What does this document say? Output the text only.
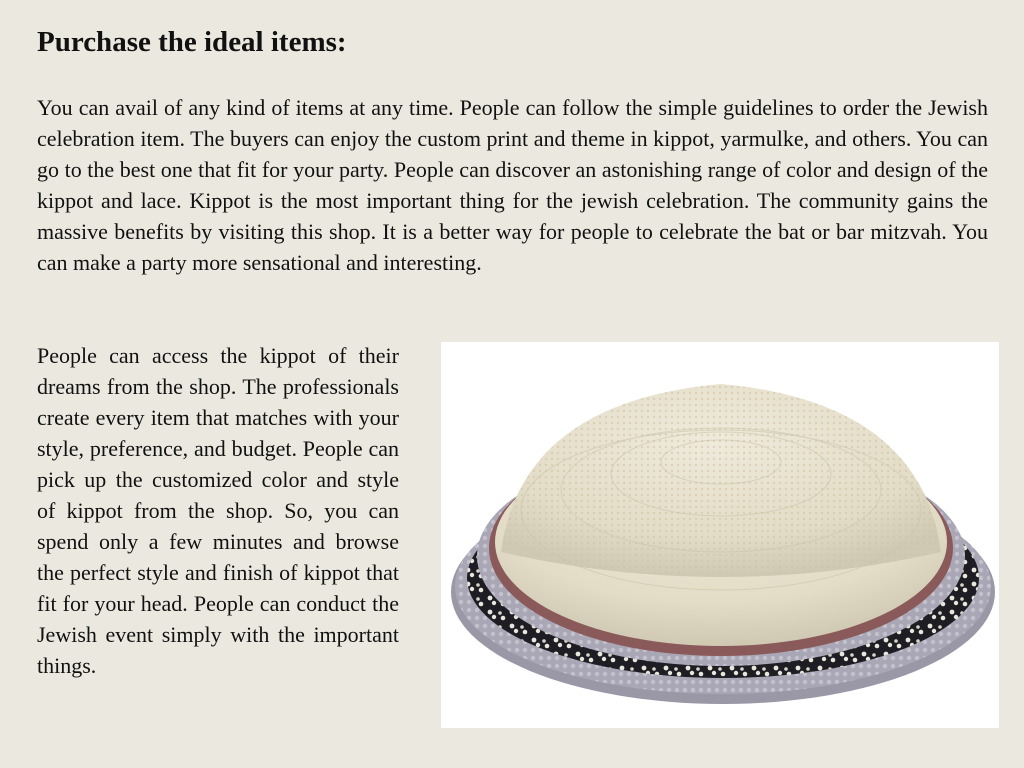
Purchase the ideal items:

You can avail of any kind of items at any time. People can follow the simple guidelines to order the Jewish celebration item. The buyers can enjoy the custom print and theme in kippot, yarmulke, and others. You can go to the best one that fit for your party. People can discover an astonishing range of color and design of the kippot and lace. Kippot is the most important thing for the jewish celebration. The community gains the massive benefits by visiting this shop. It is a better way for people to celebrate the bat or bar mitzvah. You can make a party more sensational and interesting.

People can access the kippot of their dreams from the shop. The professionals create every item that matches with your style, preference, and budget. People can pick up the customized color and style of kippot from the shop. So, you can spend only a few minutes and browse the perfect style and finish of kippot that fit for your head. People can conduct the Jewish event simply with the important things.
